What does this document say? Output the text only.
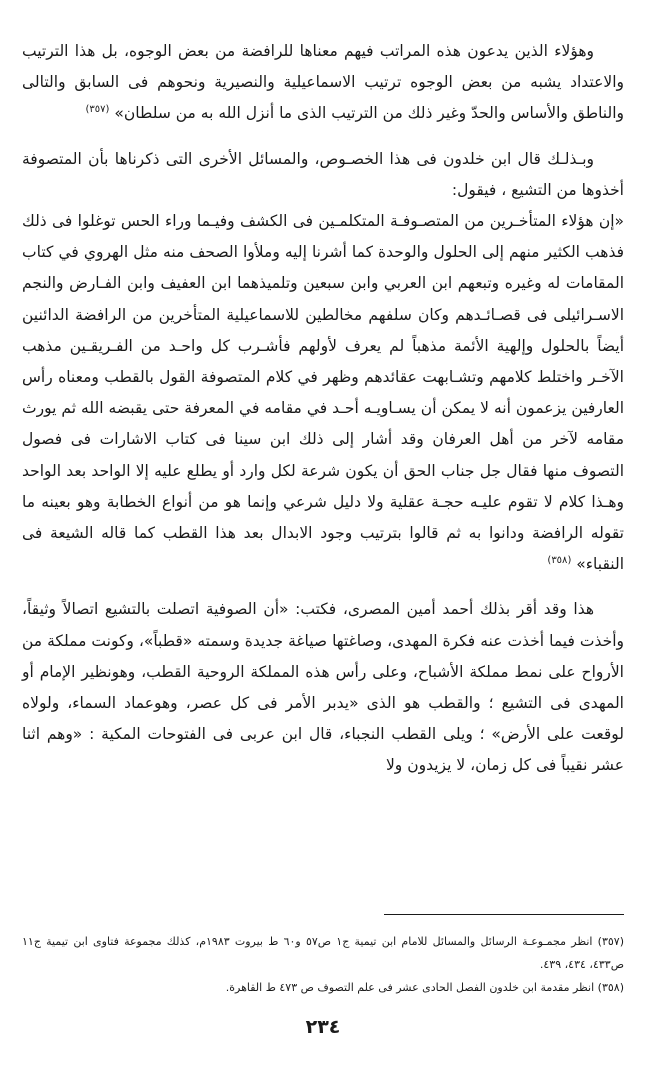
وهؤلاء الذين يدعون هذه المراتب فيهم معناها للرافضة من بعض الوجوه، بل هذا الترتيب والاعتداد يشبه من بعض الوجوه ترتيب الاسماعيلية والنصيرية ونحوهم فى السابق والتالى والناطق والأساس والحدّ وغير ذلك من الترتيب الذى ما أنزل الله به من سلطان» $^{(٣٥٧)}$

وبـذلـك قال ابن خلدون فى هذا الخصـوص، والمسائل الأخرى التى ذكرناها بأن المتصوفة أخذوها من التشيع ، فيقول:

«إن هؤلاء المتأخـرين من المتصـوفـة المتكلمـين فى الكشف وفيـما وراء الحس توغلوا فى ذلك فذهب الكثير منهم إلى الحلول والوحدة كما أشرنا إليه وملأوا الصحف منه مثل الهروي في كتاب المقامات له وغيره وتبعهم ابن العربي وابن سبعين وتلميذهما ابن العفيف وابن الفـارض والنجم الاسـرائيلى فى قصـائـدهم وكان سلفهم مخالطين للاسماعيلية المتأخرين من الرافضة الدائنين أيضاً بالحلول وإلهية الأئمة مذهباً لم يعرف لأولهم فأشـرب كل واحـد من الفـريقـين مذهب الآخـر واختلط كلامهم وتشـابهت عقائدهم وظهر في كلام المتصوفة القول بالقطب ومعناه رأس العارفين يزعمون أنه لا يمكن أن يسـاويـه أحـد في مقامه في المعرفة حتى يقبضه الله ثم يورث مقامه لآخر من أهل العرفان وقد أشار إلى ذلك ابن سينا فى كتاب الاشارات فى فصول التصوف منها فقال جل جناب الحق أن يكون شرعة لكل وارد أو يطلع عليه إلا الواحد بعد الواحد وهـذا كلام لا تقوم عليـه حجـة عقلية ولا دليل شرعي وإنما هو من أنواع الخطابة وهو بعينه ما تقوله الرافضة ودانوا به ثم قالوا بترتيب وجود الابدال بعد هذا القطب كما قاله الشيعة فى النقباء» $^{(٣٥٨)}$

هذا وقد أقر بذلك أحمد أمين المصرى، فكتب: «أن الصوفية اتصلت بالتشيع اتصالاً وثيقاً، وأخذت فيما أخذت عنه فكرة المهدى، وصاغتها صياغة جديدة وسمته «قطباً»، وكونت مملكة من الأرواح على نمط مملكة الأشباح، وعلى رأس هذه المملكة الروحية القطب، وهونظير الإمام أو المهدى فى التشيع ؛ والقطب هو الذى «يدبر الأمر فى كل عصر، وهوعماد السماء، ولولاه لوقعت على الأرض» ؛ ويلى القطب النجباء، قال ابن عربى فى الفتوحات المكية : «وهم اثنا عشر نقيباً فى كل زمان، لا يزيدون ولا

(٣٥٧) انظر مجمـوعـة الرسائل والمسائل للامام ابن تيمية ج١ ص٥٧ و٦٠ ط بيروت ١٩٨٣م، كذلك مجموعة فتاوى ابن تيمية ج١١ ص٤٣٣، ٤٣٤، ٤٣٩.

(٣٥٨) انظر مقدمة ابن خلدون الفصل الحادى عشر فى علم التصوف ص ٤٧٣ ط القاهرة.

٢٣٤
